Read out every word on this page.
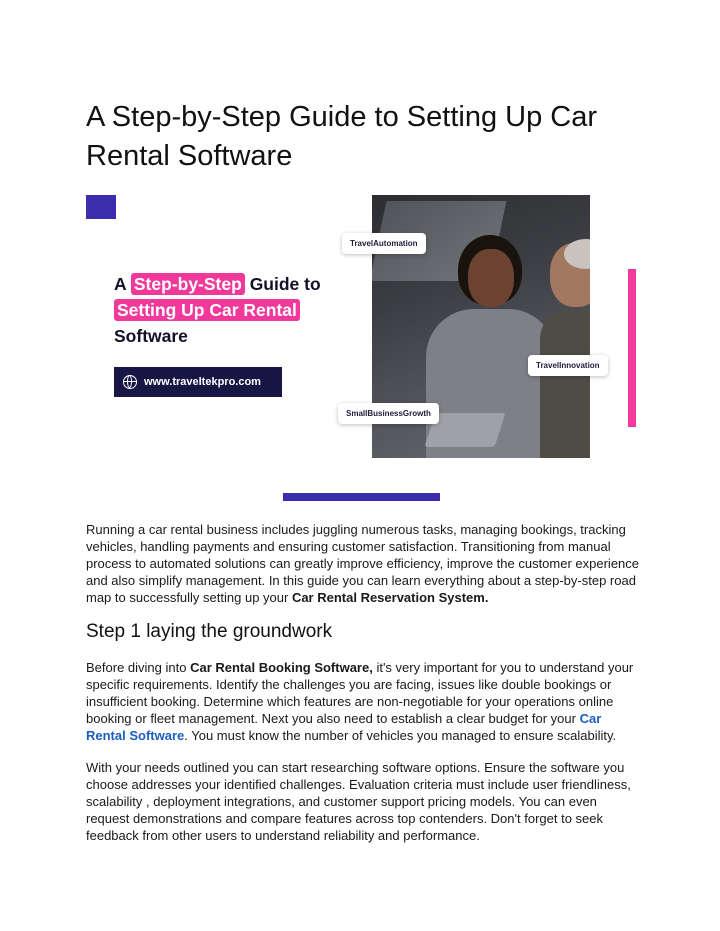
A Step-by-Step Guide to Setting Up Car Rental Software
A Step-by-Step Guide to
Setting Up Car Rental
Software
www.traveltekpro.com
TravelAutomation
TravelInnovation
SmallBusinessGrowth

Running a car rental business includes juggling numerous tasks, managing bookings, tracking vehicles, handling payments and ensuring customer satisfaction. Transitioning from manual process to automated solutions can greatly improve efficiency, improve the customer experience and also simplify management. In this guide you can learn everything about a step-by-step road map to successfully setting up your Car Rental Reservation System.

Step 1 laying the groundwork

Before diving into Car Rental Booking Software, it's very important for you to understand your specific requirements. Identify the challenges you are facing, issues like double bookings or insufficient booking. Determine which features are non-negotiable for your operations online booking or fleet management. Next you also need to establish a clear budget for your Car Rental Software. You must know the number of vehicles you managed to ensure scalability.

With your needs outlined you can start researching software options. Ensure the software you choose addresses your identified challenges. Evaluation criteria must include user friendliness, scalability , deployment integrations, and customer support pricing models. You can even request demonstrations and compare features across top contenders. Don't forget to seek feedback from other users to understand reliability and performance.
